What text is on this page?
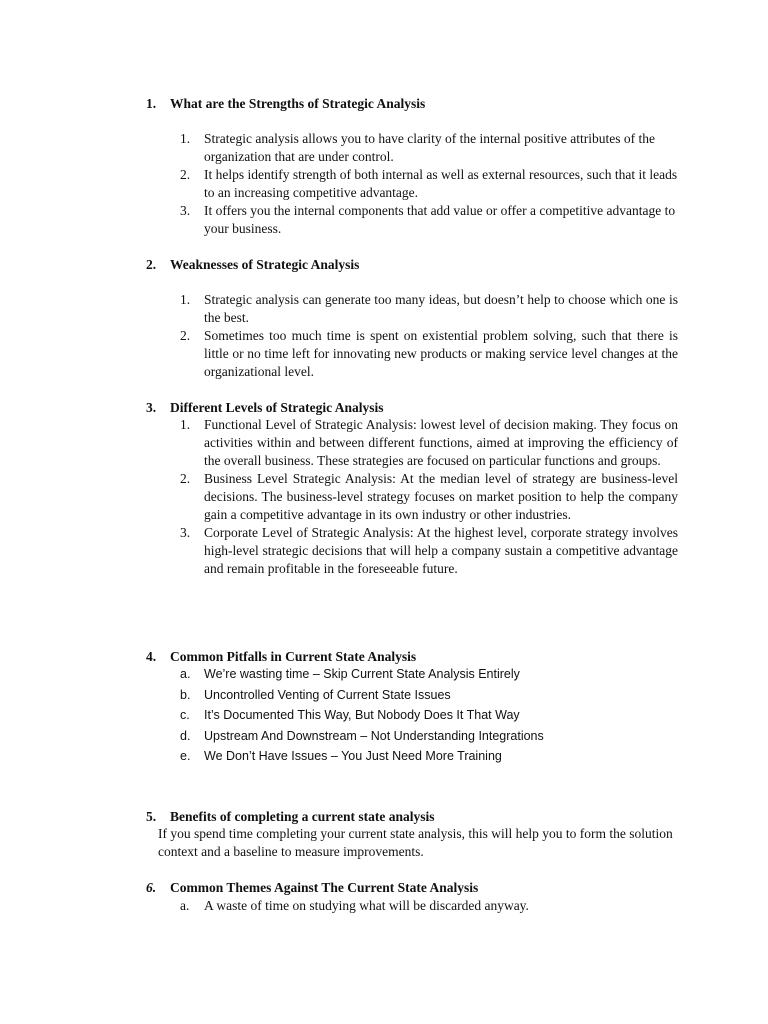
1. What are the Strengths of Strategic Analysis
1.	Strategic analysis allows you to have clarity of the internal positive attributes of the organization that are under control.
2.	It helps identify strength of both internal as well as external resources, such that it leads to an increasing competitive advantage.
3.	It offers you the internal components that add value or offer a competitive advantage to your business.
2. Weaknesses of Strategic Analysis
1.	Strategic analysis can generate too many ideas, but doesn’t help to choose which one is the best.
2.	Sometimes too much time is spent on existential problem solving, such that there is little or no time left for innovating new products or making service level changes at the organizational level.
3. Different Levels of Strategic Analysis
1.	Functional Level of Strategic Analysis: lowest level of decision making. They focus on activities within and between different functions, aimed at improving the efficiency of the overall business. These strategies are focused on particular functions and groups.
2.	Business Level Strategic Analysis: At the median level of strategy are business-level decisions. The business-level strategy focuses on market position to help the company gain a competitive advantage in its own industry or other industries.
3.	Corporate Level of Strategic Analysis: At the highest level, corporate strategy involves high-level strategic decisions that will help a company sustain a competitive advantage and remain profitable in the foreseeable future.
4. Common Pitfalls in Current State Analysis
a.	We’re wasting time – Skip Current State Analysis Entirely
b.	Uncontrolled Venting of Current State Issues
c.	It’s Documented This Way, But Nobody Does It That Way
d.	Upstream And Downstream – Not Understanding Integrations
e.	We Don’t Have Issues – You Just Need More Training
5. Benefits of completing a current state analysis
If you spend time completing your current state analysis, this will help you to form the solution context and a baseline to measure improvements.
6. Common Themes Against The Current State Analysis
a.	A waste of time on studying what will be discarded anyway.
